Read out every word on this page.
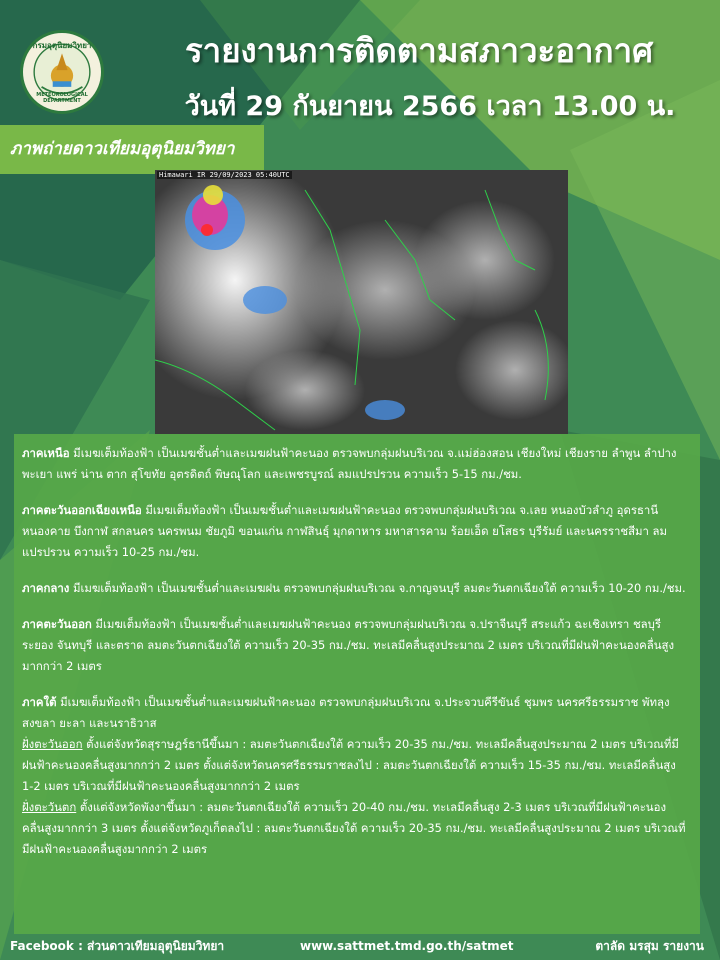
กรมอุตุนิยมวิทยา
METEOROLOGICAL DEPARTMENT
รายงานการติดตามสภาวะอากาศ
วันที่ 29 กันยายน 2566 เวลา 13.00 น.
ภาพถ่ายดาวเทียมอุตุนิยมวิทยา
Himawari IR 29/09/2023 05:40UTC

ภาคเหนือ มีเมฆเต็มท้องฟ้า เป็นเมฆชั้นต่ำและเมฆฝนฟ้าคะนอง ตรวจพบกลุ่มฝนบริเวณ จ.แม่ฮ่องสอน เชียงใหม่ เชียงราย ลำพูน ลำปาง พะเยา แพร่ น่าน ตาก สุโขทัย อุตรดิตถ์ พิษณุโลก และเพชรบูรณ์ ลมแปรปรวน ความเร็ว 5-15 กม./ชม.

ภาคตะวันออกเฉียงเหนือ มีเมฆเต็มท้องฟ้า เป็นเมฆชั้นต่ำและเมฆฝนฟ้าคะนอง ตรวจพบกลุ่มฝนบริเวณ จ.เลย หนองบัวลำภู อุดรธานี หนองคาย บึงกาฬ สกลนคร นครพนม ชัยภูมิ ขอนแก่น กาฬสินธุ์ มุกดาหาร มหาสารคาม ร้อยเอ็ด ยโสธร บุรีรัมย์ และนครราชสีมา ลมแปรปรวน ความเร็ว 10-25 กม./ชม.

ภาคกลาง มีเมฆเต็มท้องฟ้า เป็นเมฆชั้นต่ำและเมฆฝน ตรวจพบกลุ่มฝนบริเวณ จ.กาญจนบุรี ลมตะวันตกเฉียงใต้ ความเร็ว 10-20 กม./ชม.

ภาคตะวันออก มีเมฆเต็มท้องฟ้า เป็นเมฆชั้นต่ำและเมฆฝนฟ้าคะนอง ตรวจพบกลุ่มฝนบริเวณ จ.ปราจีนบุรี สระแก้ว ฉะเชิงเทรา ชลบุรี ระยอง จันทบุรี และตราด ลมตะวันตกเฉียงใต้ ความเร็ว 20-35 กม./ชม. ทะเลมีคลื่นสูงประมาณ 2 เมตร บริเวณที่มีฝนฟ้าคะนองคลื่นสูงมากกว่า 2 เมตร

ภาคใต้ มีเมฆเต็มท้องฟ้า เป็นเมฆชั้นต่ำและเมฆฝนฟ้าคะนอง ตรวจพบกลุ่มฝนบริเวณ จ.ประจวบคีรีขันธ์ ชุมพร นครศรีธรรมราช พัทลุง สงขลา ยะลา และนราธิวาส
ฝั่งตะวันออก ตั้งแต่จังหวัดสุราษฎร์ธานีขึ้นมา : ลมตะวันตกเฉียงใต้ ความเร็ว 20-35 กม./ชม. ทะเลมีคลื่นสูงประมาณ 2 เมตร บริเวณที่มีฝนฟ้าคะนองคลื่นสูงมากกว่า 2 เมตร ตั้งแต่จังหวัดนครศรีธรรมราชลงไป : ลมตะวันตกเฉียงใต้ ความเร็ว 15-35 กม./ชม. ทะเลมีคลื่นสูง 1-2 เมตร บริเวณที่มีฝนฟ้าคะนองคลื่นสูงมากกว่า 2 เมตร
ฝั่งตะวันตก ตั้งแต่จังหวัดพังงาขึ้นมา : ลมตะวันตกเฉียงใต้ ความเร็ว 20-40 กม./ชม. ทะเลมีคลื่นสูง 2-3 เมตร บริเวณที่มีฝนฟ้าคะนองคลื่นสูงมากกว่า 3 เมตร ตั้งแต่จังหวัดภูเก็ตลงไป : ลมตะวันตกเฉียงใต้ ความเร็ว 20-35 กม./ชม. ทะเลมีคลื่นสูงประมาณ 2 เมตร บริเวณที่มีฝนฟ้าคะนองคลื่นสูงมากกว่า 2 เมตร

Facebook : ส่วนดาวเทียมอุตุนิยมวิทยา	www.sattmet.tmd.go.th/satmet	ตาลัด มรสุม รายงาน
